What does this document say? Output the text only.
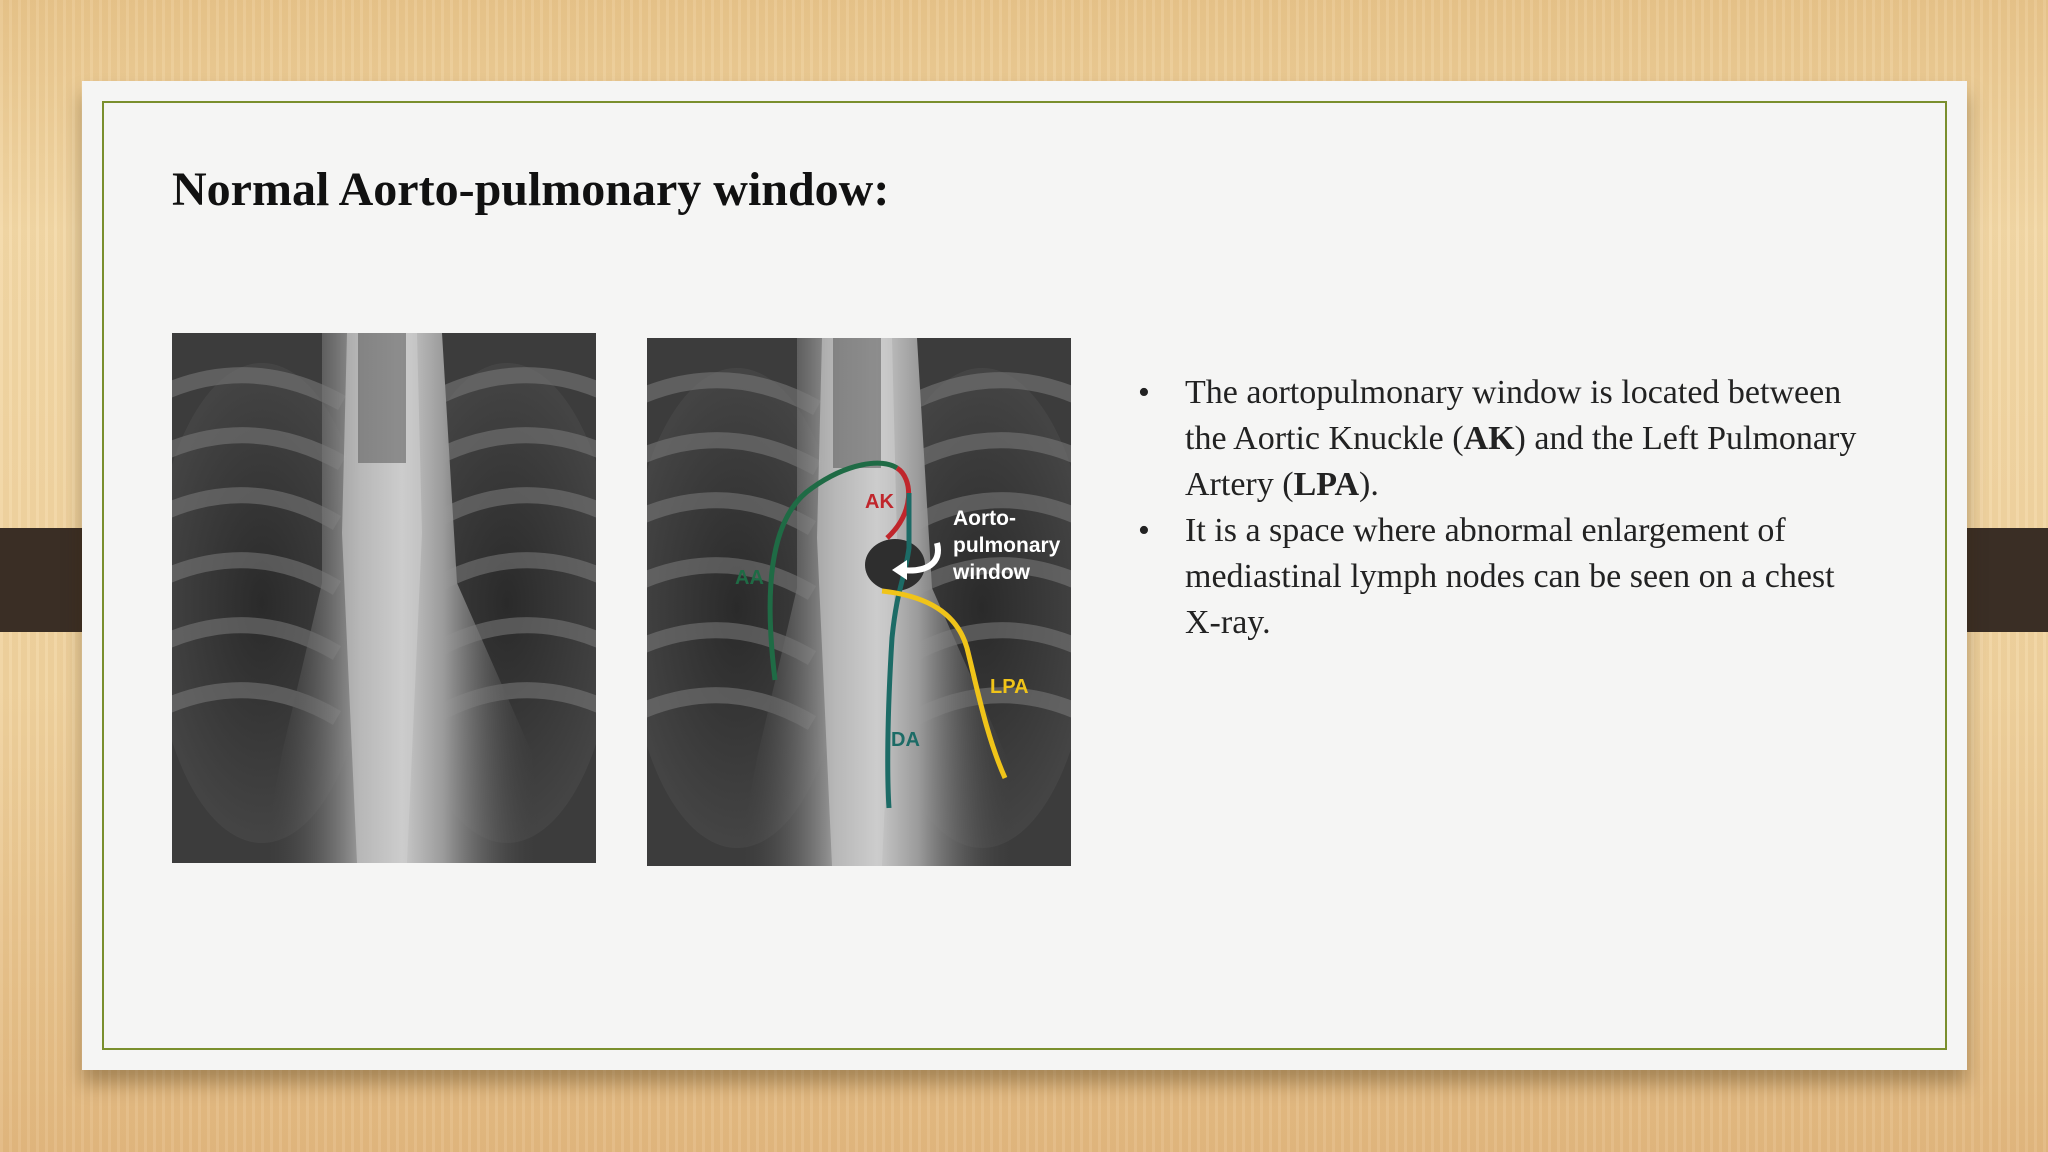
Normal Aorto-pulmonary window:
AK
AA
LPA
DA
Aorto-
pulmonary
window
• The aortopulmonary window is located between the Aortic Knuckle (AK) and the Left Pulmonary Artery (LPA).
• It is a space where abnormal enlargement of  mediastinal lymph nodes can be seen on a chest X-ray.
